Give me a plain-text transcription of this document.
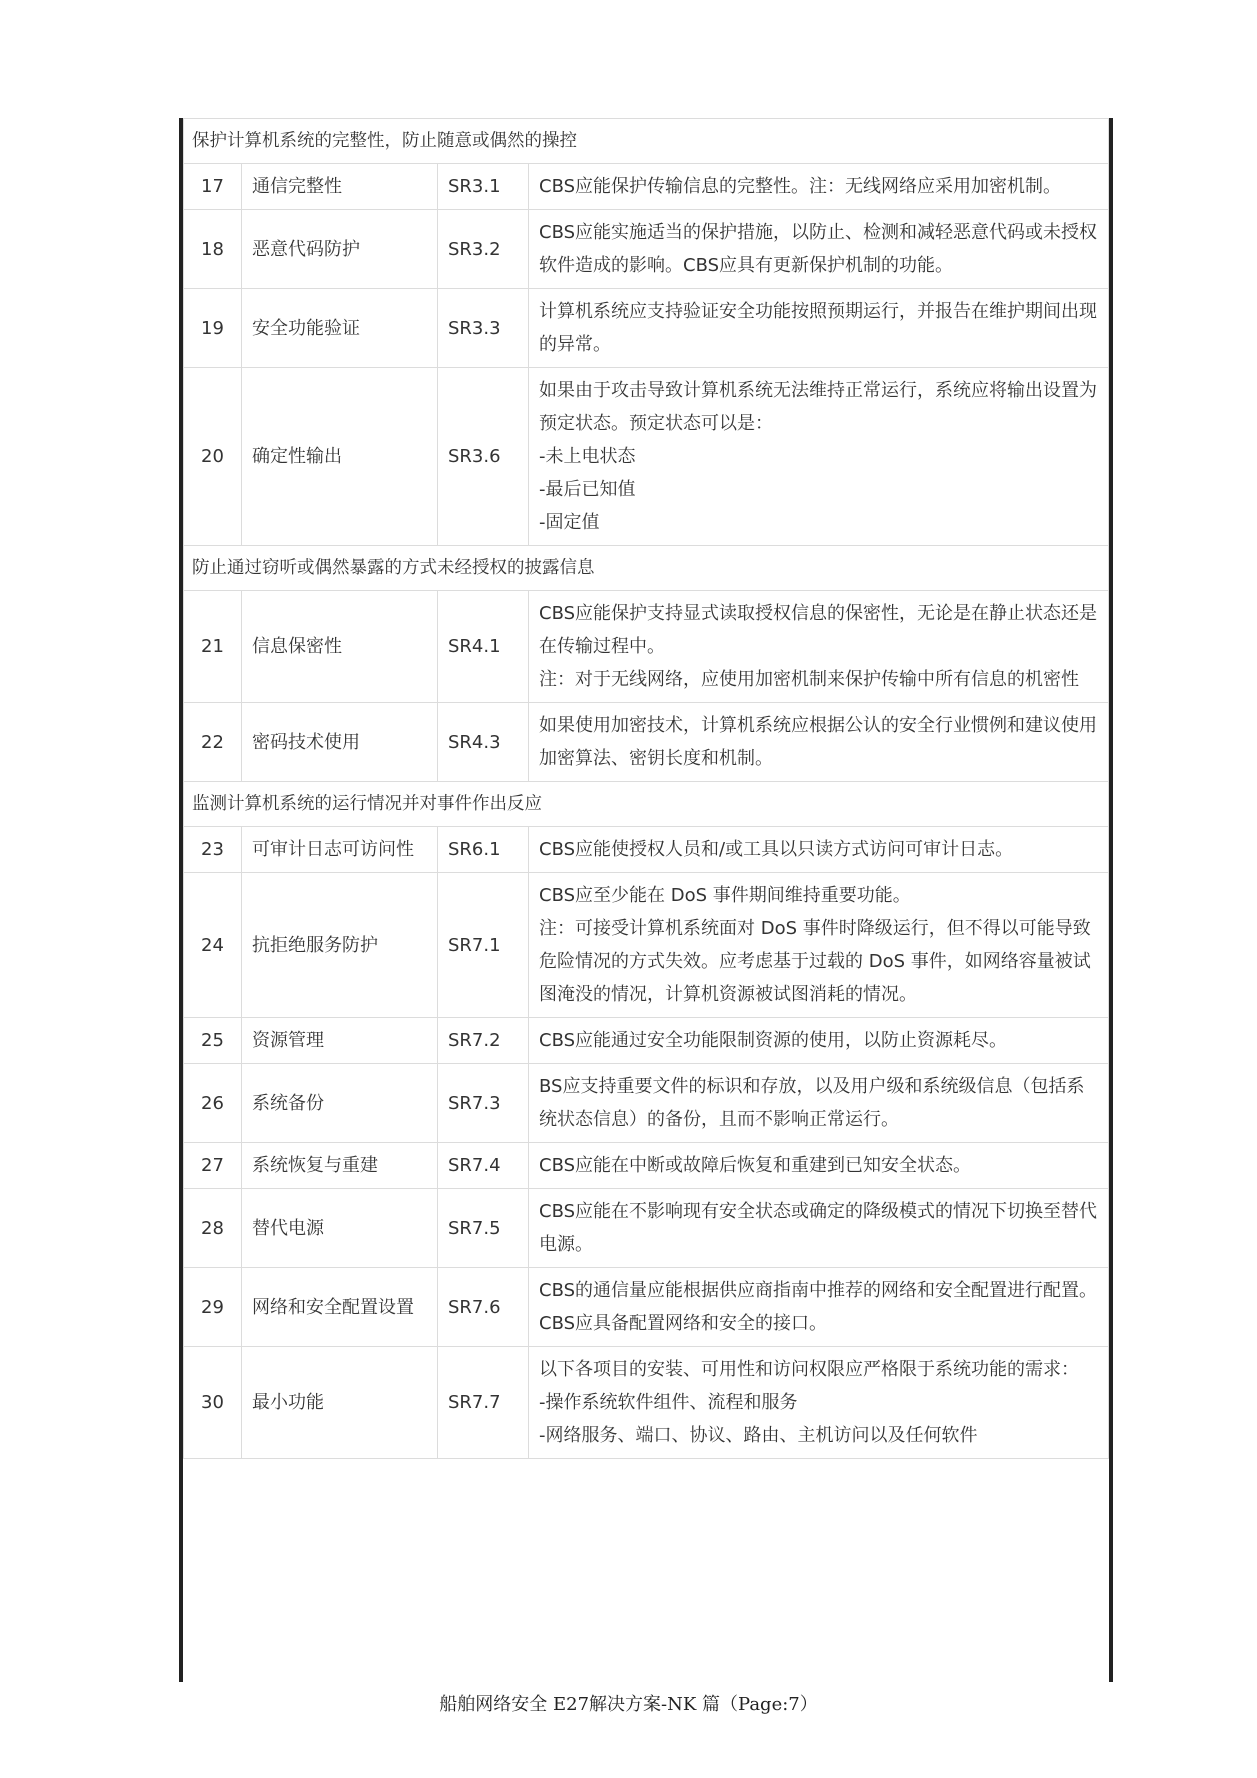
保护计算机系统的完整性，防止随意或偶然的操控			
17	通信完整性	SR3.1	CBS应能保护传输信息的完整性。注：无线网络应采用加密机制。

18	恶意代码防护	SR3.2	CBS应能实施适当的保护措施，以防止、检测和减轻恶意代码或未授权软件造成的影响。CBS应具有更新保护机制的功能。

19	安全功能验证	SR3.3	计算机系统应支持验证安全功能按照预期运行，并报告在维护期间出现的异常。

20	确定性输出	SR3.6	如果由于攻击导致计算机系统无法维持正常运行，系统应将输出设置为预定状态。预定状态可以是：
-未上电状态
-最后已知值
-固定值

防止通过窃听或偶然暴露的方式未经授权的披露信息			
21	信息保密性	SR4.1	CBS应能保护支持显式读取授权信息的保密性，无论是在静止状态还是在传输过程中。
注：对于无线网络，应使用加密机制来保护传输中所有信息的机密性

22	密码技术使用	SR4.3	如果使用加密技术，计算机系统应根据公认的安全行业惯例和建议使用加密算法、密钥长度和机制。

监测计算机系统的运行情况并对事件作出反应			
23	可审计日志可访问性	SR6.1	CBS应能使授权人员和/或工具以只读方式访问可审计日志。

24	抗拒绝服务防护	SR7.1	CBS应至少能在 DoS 事件期间维持重要功能。
注：可接受计算机系统面对 DoS 事件时降级运行，但不得以可能导致危险情况的方式失效。应考虑基于过载的 DoS 事件，如网络容量被试图淹没的情况，计算机资源被试图消耗的情况。

25	资源管理	SR7.2	CBS应能通过安全功能限制资源的使用，以防止资源耗尽。

26	系统备份	SR7.3	BS应支持重要文件的标识和存放，以及用户级和系统级信息（包括系统状态信息）的备份，且而不影响正常运行。

27	系统恢复与重建	SR7.4	CBS应能在中断或故障后恢复和重建到已知安全状态。

28	替代电源	SR7.5	CBS应能在不影响现有安全状态或确定的降级模式的情况下切换至替代电源。

29	网络和安全配置设置	SR7.6	CBS的通信量应能根据供应商指南中推荐的网络和安全配置进行配置。CBS应具备配置网络和安全的接口。

30	最小功能	SR7.7	以下各项目的安装、可用性和访问权限应严格限于系统功能的需求：
-操作系统软件组件、流程和服务
-网络服务、端口、协议、路由、主机访问以及任何软件
船舶网络安全 E27解决方案-NK 篇（Page:7）
